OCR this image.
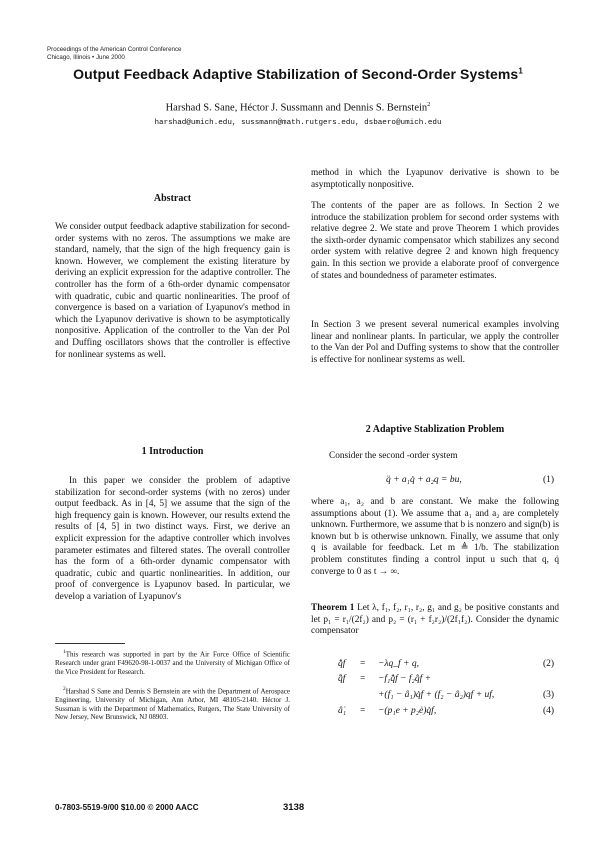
Proceedings of the American Control Conference
Chicago, Illinois • June 2000
Output Feedback Adaptive Stabilization of Second-Order Systems$^1$
Harshad S. Sane, Héctor J. Sussmann and Dennis S. Bernstein$^2$
harshad@umich.edu, sussmann@math.rutgers.edu, dsbaero@umich.edu

Abstract

We consider output feedback adaptive stabilization for second-order systems with no zeros. The assumptions we make are standard, namely, that the sign of the high frequency gain is known. However, we complement the existing literature by deriving an explicit expression for the adaptive controller. The controller has the form of a 6th-order dynamic compensator with quadratic, cubic and quartic nonlinearities. The proof of convergence is based on a variation of Lyapunov's method in which the Lyapunov derivative is shown to be asymptotically nonpositive. Application of the controller to the Van der Pol and Duffing oscillators shows that the controller is effective for nonlinear systems as well.

1 Introduction

In this paper we consider the problem of adaptive stabilization for second-order systems (with no zeros) under output feedback. As in [4, 5] we assume that the sign of the high frequency gain is known. However, our results extend the results of [4, 5] in two distinct ways. First, we derive an explicit expression for the adaptive controller which involves parameter estimates and filtered states. The overall controller has the form of a 6th-order dynamic compensator with quadratic, cubic and quartic nonlinearities. In addition, our proof of convergence is Lyapunov based. In particular, we develop a variation of Lyapunov's

$^1$This research was supported in part by the Air Force Office of Scientific Research under grant F49620-98-1-0037 and the University of Michigan Office of the Vice President for Research.

$^2$Harshad S Sane and Dennis S Bernstein are with the Department of Aerospace Engineering, University of Michigan, Ann Arbor, MI 48105-2140. Héctor J. Sussman is with the Department of Mathematics, Rutgers, The State University of New Jersey, New Brunswick, NJ 08903.

method in which the Lyapunov derivative is shown to be asymptotically nonpositive.

The contents of the paper are as follows. In Section 2 we introduce the stabilization problem for second order systems with relative degree 2. We state and prove Theorem 1 which provides the sixth-order dynamic compensator which stabilizes any second order system with relative degree 2 and known high frequency gain. In this section we provide a elaborate proof of convergence of states and boundedness of parameter estimates.

In Section 3 we present several numerical examples involving linear and nonlinear plants. In particular, we apply the controller to the Van der Pol and Duffing systems to show that the controller is effective for nonlinear systems as well.

2 Adaptive Stablization Problem

Consider the second -order system

q̈ + a₁q̇ + a₂q = bu,	(1)

where a₁, a₂ and b are constant. We make the following assumptions about (1). We assume that a₁ and a₂ are completely unknown. Furthermore, we assume that b is nonzero and sign(b) is known but b is otherwise unknown. Finally, we assume that only q is available for feedback. Let m ≜ 1/b. The stabilization problem constitutes finding a control input u such that q, q̇ converge to 0 as t → ∞.

Theorem 1 Let λ, f₁, f₂, r₁, r₂, g₁ and g₂ be positive constants and let p₁ = r₁/(2f₂) and p₂ = (r₁ + f₂r₂)/(2f₁f₂). Consider the dynamic compensator

q̂̇f = −λq_f + q,	(2)
q̂̈f = −f₁q̂̇f − f₂q̂f +
+(f₁ − â₁)q̇f + (f₂ − â₂)qf + uf,	(3)
â̇₁ = −(p₁e + p₂ė)q̇f,	(4)
0-7803-5519-9/00 $10.00 © 2000 AACC	3138
